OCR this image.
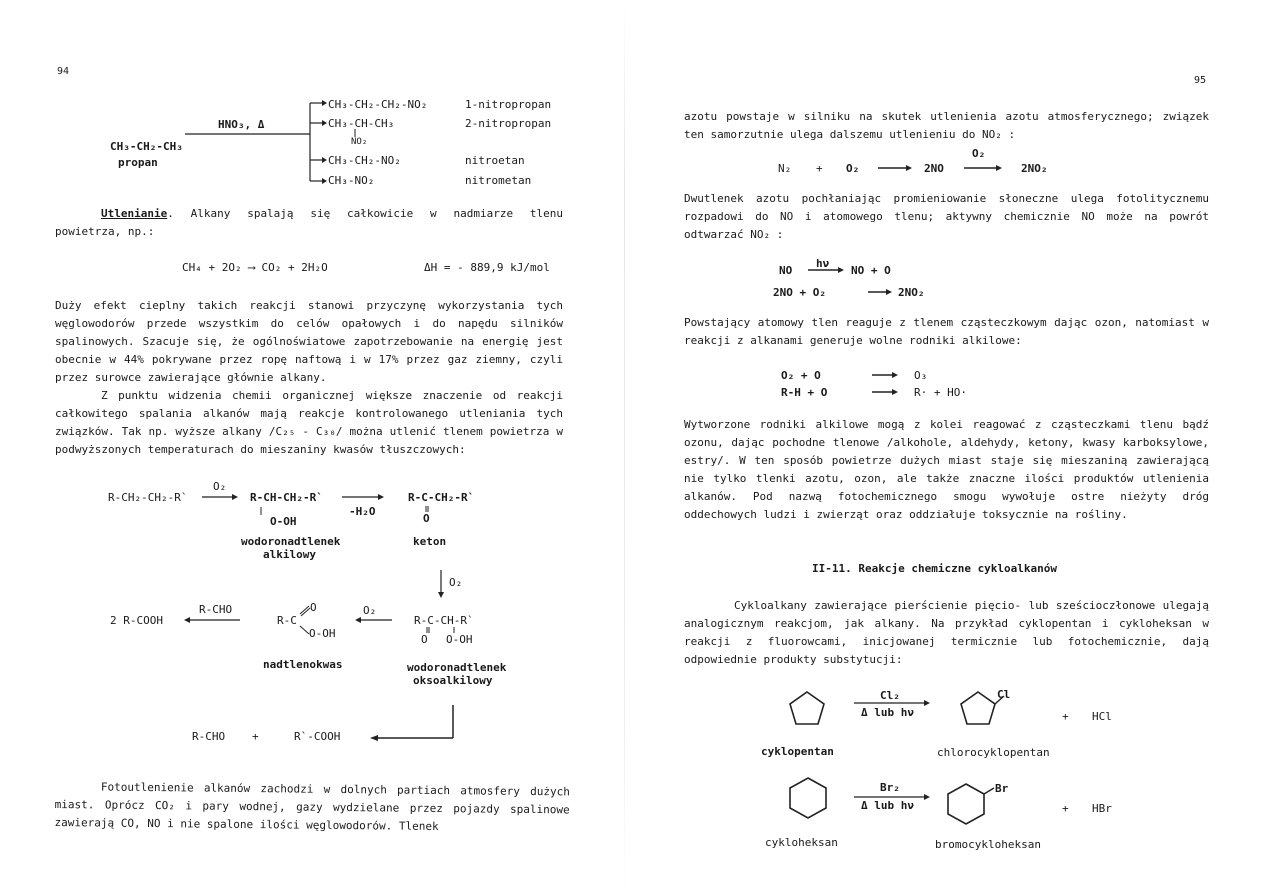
94
HNO₃, Δ
CH₃-CH₂-CH₃
propan
CH₃-CH₂-CH₂-NO₂	1-nitropropan
CH₃-CH-CH₃	2-nitropropan
NO₂
CH₃-CH₂-NO₂	nitroetan
CH₃-NO₂	nitrometan

Utlenianie. Alkany spalają się całkowicie w nadmiarze tlenu powietrza, np.:

CH₄ + 2O₂ ⟶ CO₂ + 2H₂O	ΔH = - 889,9 kJ/mol

Duży efekt cieplny takich reakcji stanowi przyczynę wykorzystania tych węglowodorów przede wszystkim do celów opałowych i do napędu silników spalinowych. Szacuje się, że ogólnoświatowe zapotrzebowanie na energię jest obecnie w 44% pokrywane przez ropę naftową i w 17% przez gaz ziemny, czyli przez surowce zawierające głównie alkany.

Z punktu widzenia chemii organicznej większe znaczenie od reakcji całkowitego spalania alkanów mają reakcje kontrolowanego utleniania tych związków. Tak np. wyższe alkany /C₂₅ - C₃₀/ można utlenić tlenem powietrza w podwyższonych temperaturach do mieszaniny kwasów tłuszczowych:

R-CH₂-CH₂-R`
O₂
R-CH-CH₂-R`
O-OH
-H₂O
R-C-CH₂-R`
O
wodoronadtlenek
alkilowy
keton
O₂
2 R-COOH
R-CHO
R-C
O
O-OH
O₂
R-C-CH-R`
O O-OH
nadtlenokwas	wodoronadtlenek
oksoalkilowy
R-CHO +	R`-COOH

Fotoutlenienie alkanów zachodzi w dolnych partiach atmosfery dużych miast. Oprócz CO₂ i pary wodnej, gazy wydzielane przez pojazdy spalinowe zawierają CO, NO i nie spalone ilości węglowodorów. Tlenek

95

azotu powstaje w silniku na skutek utlenienia azotu atmosferycznego; związek ten samorzutnie ulega dalszemu utlenieniu do NO₂ :

N₂ + O₂	2NO
O₂
2NO₂

Dwutlenek azotu pochłaniając promieniowanie słoneczne ulega fotolitycznemu rozpadowi do NO i atomowego tlenu; aktywny chemicznie NO może na powrót odtwarzać NO₂ :

NO
hν
NO + O
2NO + O₂	2NO₂

Powstający atomowy tlen reaguje z tlenem cząsteczkowym dając ozon, natomiast w reakcji z alkanami generuje wolne rodniki alkilowe:

O₂ + O	O₃
R-H + O	R· + HO·

Wytworzone rodniki alkilowe mogą z kolei reagować z cząsteczkami tlenu bądź ozonu, dając pochodne tlenowe /alkohole, aldehydy, ketony, kwasy karboksylowe, estry/. W ten sposób powietrze dużych miast staje się mieszaniną zawierającą nie tylko tlenki azotu, ozon, ale także znaczne ilości produktów utlenienia alkanów. Pod nazwą fotochemicznego smogu wywołuje ostre nieżyty dróg oddechowych ludzi i zwierząt oraz oddziałuje toksycznie na rośliny.

II-11. Reakcje chemiczne cykloalkanów

Cykloalkany zawierające pierścienie pięcio- lub sześcioczłonowe ulegają analogicznym reakcjom, jak alkany. Na przykład cyklopentan i cykloheksan w reakcji z fluorowcami, inicjowanej termicznie lub fotochemicznie, dają odpowiednie produkty substytucji:

Cl₂
Δ lub hν
Cl
+ HCl
cyklopentan	chlorocyklopentan
Br₂
Δ lub hν
Br
+ HBr
cykloheksan	bromocykloheksan
